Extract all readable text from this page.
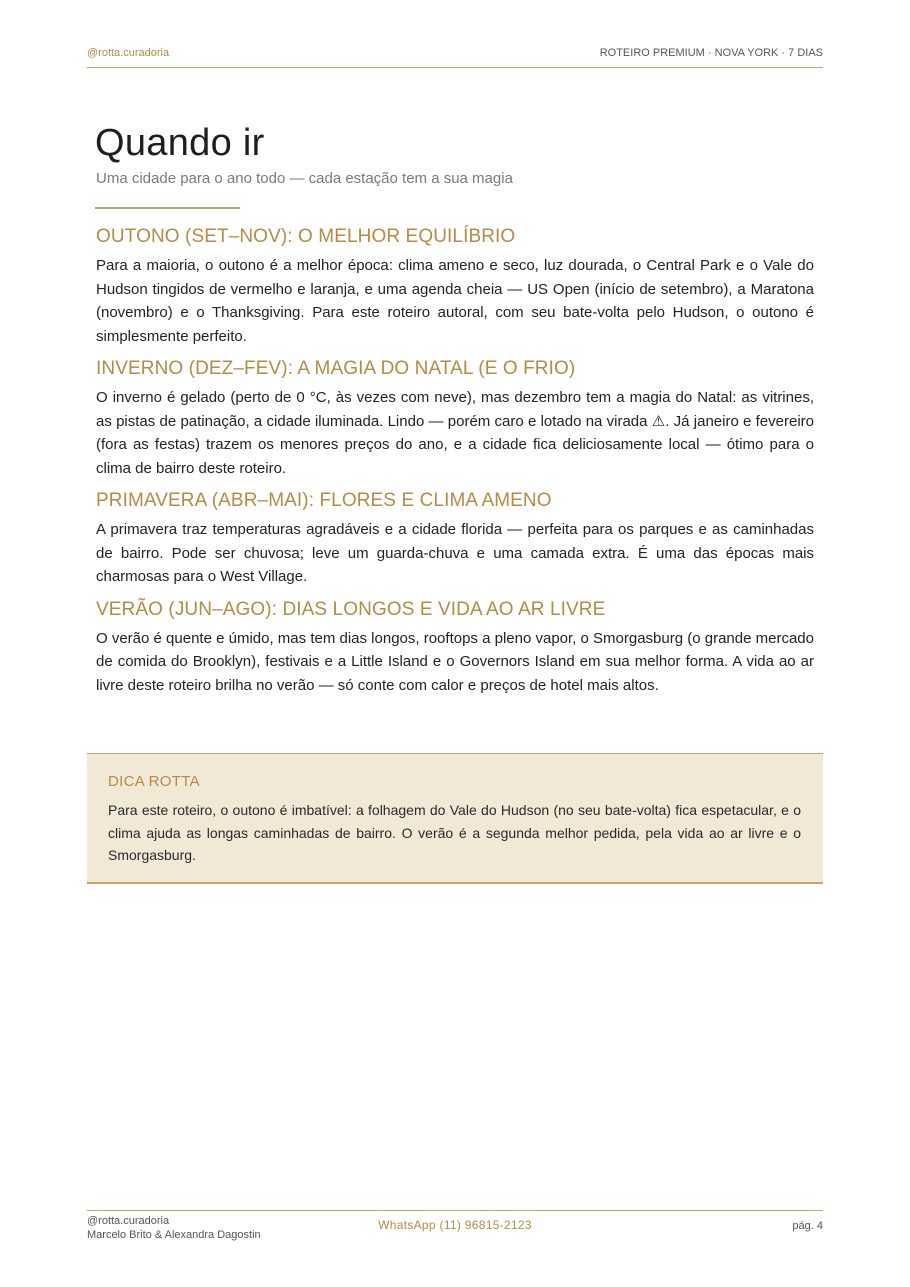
@rotta.curadoria	ROTEIRO PREMIUM · NOVA YORK · 7 DIAS
Quando ir
Uma cidade para o ano todo — cada estação tem a sua magia
OUTONO (SET–NOV): O MELHOR EQUILÍBRIO

Para a maioria, o outono é a melhor época: clima ameno e seco, luz dourada, o Central Park e o Vale do Hudson tingidos de vermelho e laranja, e uma agenda cheia — US Open (início de setembro), a Maratona (novembro) e o Thanksgiving. Para este roteiro autoral, com seu bate-volta pelo Hudson, o outono é simplesmente perfeito.

INVERNO (DEZ–FEV): A MAGIA DO NATAL (E O FRIO)

O inverno é gelado (perto de 0 °C, às vezes com neve), mas dezembro tem a magia do Natal: as vitrines, as pistas de patinação, a cidade iluminada. Lindo — porém caro e lotado na virada ⚠. Já janeiro e fevereiro (fora as festas) trazem os menores preços do ano, e a cidade fica deliciosamente local — ótimo para o clima de bairro deste roteiro.

PRIMAVERA (ABR–MAI): FLORES E CLIMA AMENO

A primavera traz temperaturas agradáveis e a cidade florida — perfeita para os parques e as caminhadas de bairro. Pode ser chuvosa; leve um guarda-chuva e uma camada extra. É uma das épocas mais charmosas para o West Village.

VERÃO (JUN–AGO): DIAS LONGOS E VIDA AO AR LIVRE

O verão é quente e úmido, mas tem dias longos, rooftops a pleno vapor, o Smorgasburg (o grande mercado de comida do Brooklyn), festivais e a Little Island e o Governors Island em sua melhor forma. A vida ao ar livre deste roteiro brilha no verão — só conte com calor e preços de hotel mais altos.

DICA ROTTA

Para este roteiro, o outono é imbatível: a folhagem do Vale do Hudson (no seu bate-volta) fica espetacular, e o clima ajuda as longas caminhadas de bairro. O verão é a segunda melhor pedida, pela vida ao ar livre e o Smorgasburg.

@rotta.curadoria
Marcelo Brito & Alexandra Dagostin
WhatsApp (11) 96815-2123	pág. 4
